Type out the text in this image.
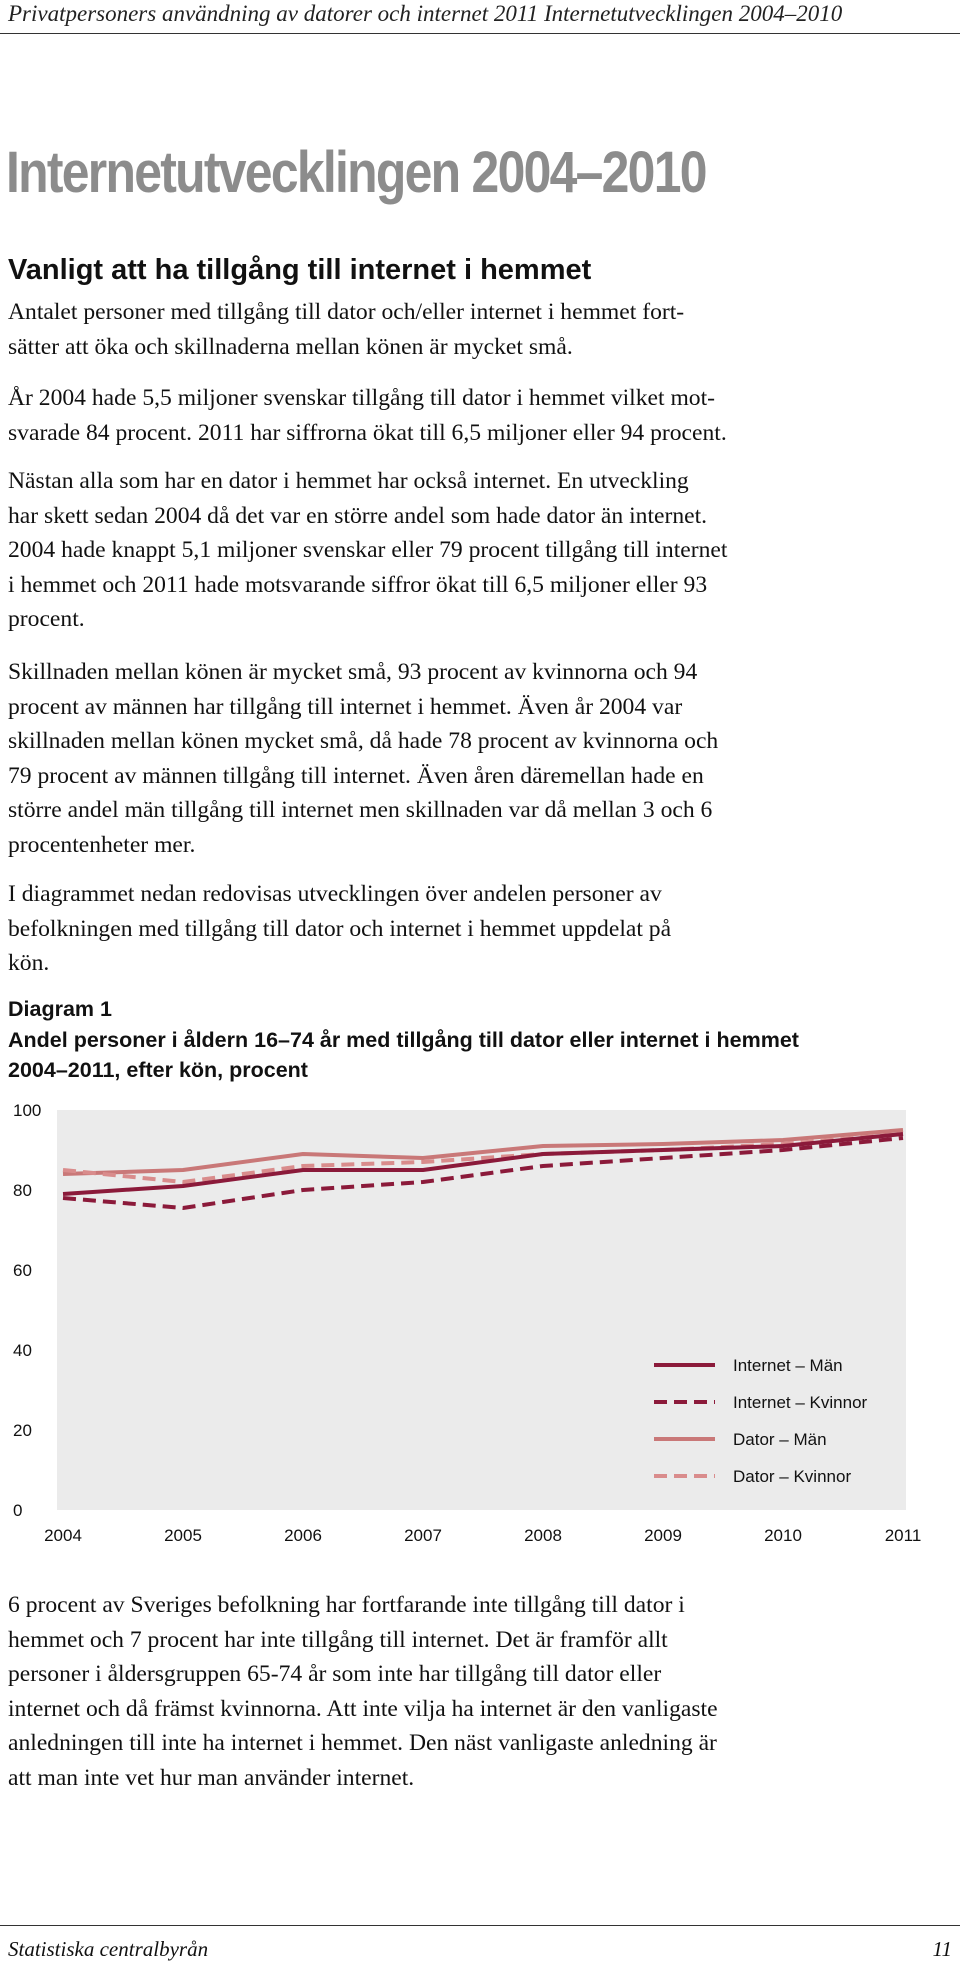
Privatpersoners användning av datorer och internet 2011 Internetutvecklingen 2004–2010
Internetutvecklingen 2004–2010
Vanligt att ha tillgång till internet i hemmet

Antalet personer med tillgång till dator och/eller internet i hemmet fort-
sätter att öka och skillnaderna mellan könen är mycket små.

År 2004 hade 5,5 miljoner svenskar tillgång till dator i hemmet vilket mot-
svarade 84 procent. 2011 har siffrorna ökat till 6,5 miljoner eller 94 procent.

Nästan alla som har en dator i hemmet har också internet. En utveckling
har skett sedan 2004 då det var en större andel som hade dator än internet.
2004 hade knappt 5,1 miljoner svenskar eller 79 procent tillgång till internet
i hemmet och 2011 hade motsvarande siffror ökat till 6,5 miljoner eller 93
procent.

Skillnaden mellan könen är mycket små, 93 procent av kvinnorna och 94
procent av männen har tillgång till internet i hemmet. Även år 2004 var
skillnaden mellan könen mycket små, då hade 78 procent av kvinnorna och
79 procent av männen tillgång till internet. Även åren däremellan hade en
större andel män tillgång till internet men skillnaden var då mellan 3 och 6
procentenheter mer.

I diagrammet nedan redovisas utvecklingen över andelen personer av
befolkningen med tillgång till dator och internet i hemmet uppdelat på
kön.

Diagram 1
Andel personer i åldern 16–74 år med tillgång till dator eller internet i hemmet
2004–2011, efter kön, procent
0
20
40
60
80
100
2004	2005	2006	2007	2008	2009	2010	2011
Internet – Män
Internet – Kvinnor
Dator – Män
Dator – Kvinnor

6 procent av Sveriges befolkning har fortfarande inte tillgång till dator i
hemmet och 7 procent har inte tillgång till internet. Det är framför allt
personer i åldersgruppen 65-74 år som inte har tillgång till dator eller
internet och då främst kvinnorna. Att inte vilja ha internet är den vanligaste
anledningen till inte ha internet i hemmet. Den näst vanligaste anledning är
att man inte vet hur man använder internet.

Statistiska centralbyrån	11
